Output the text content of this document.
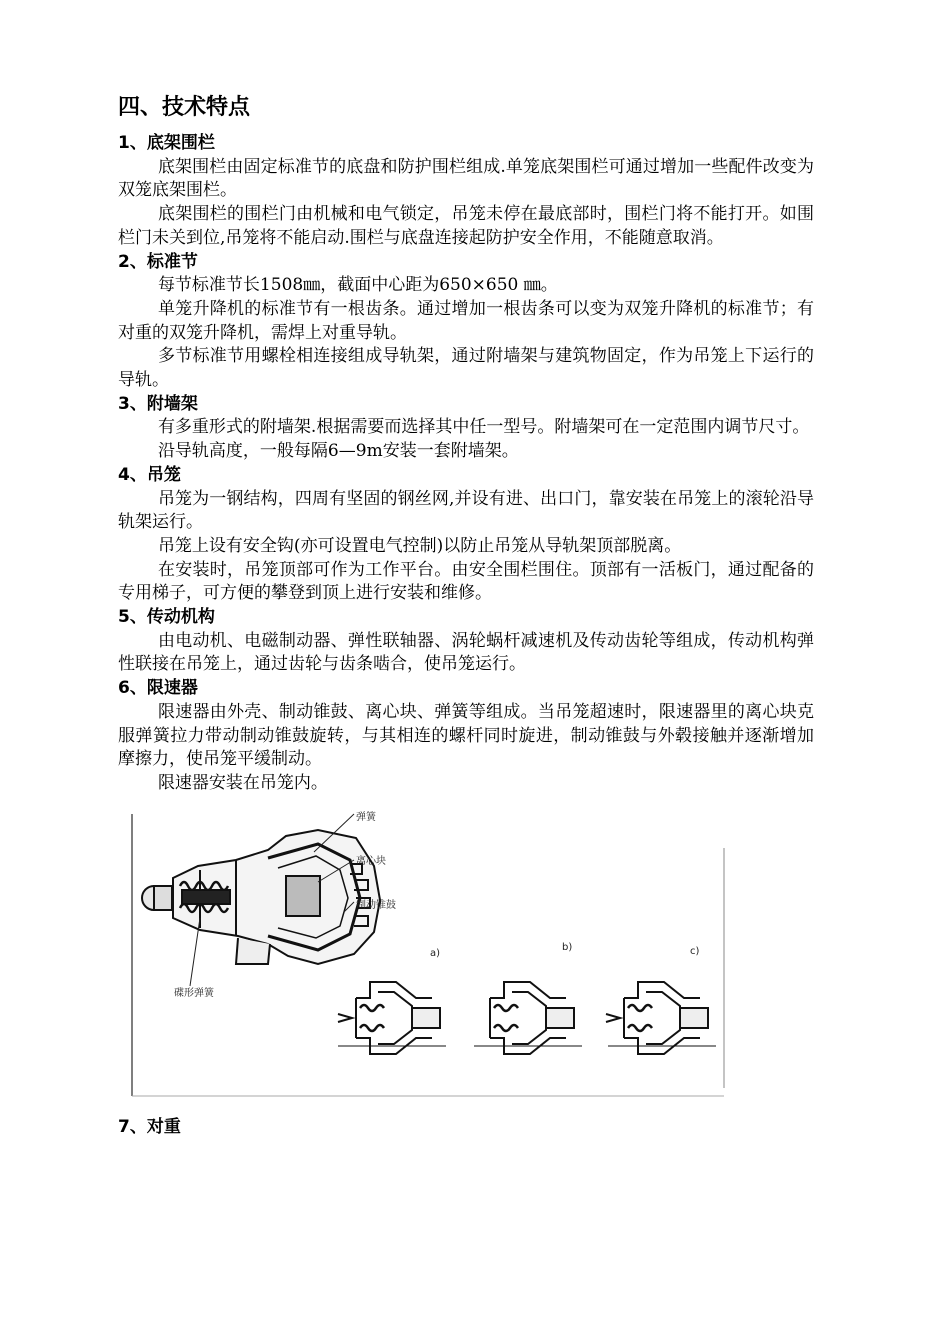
四、技术特点
1、底架围栏

底架围栏由固定标准节的底盘和防护围栏组成.单笼底架围栏可通过增加一些配件改变为双笼底架围栏。

底架围栏的围栏门由机械和电气锁定，吊笼未停在最底部时，围栏门将不能打开。如围栏门未关到位,吊笼将不能启动.围栏与底盘连接起防护安全作用，不能随意取消。

2、标准节

每节标准节长1508㎜，截面中心距为650×650 ㎜。

单笼升降机的标准节有一根齿条。通过增加一根齿条可以变为双笼升降机的标准节；有对重的双笼升降机，需焊上对重导轨。

多节标准节用螺栓相连接组成导轨架，通过附墙架与建筑物固定，作为吊笼上下运行的导轨。

3、附墙架

有多重形式的附墙架.根据需要而选择其中任一型号。附墙架可在一定范围内调节尺寸。

沿导轨高度，一般每隔6—9m安装一套附墙架。

4、吊笼

吊笼为一钢结构，四周有坚固的钢丝网,并设有进、出口门，靠安装在吊笼上的滚轮沿导轨架运行。

吊笼上设有安全钩(亦可设置电气控制)以防止吊笼从导轨架顶部脱离。

在安装时，吊笼顶部可作为工作平台。由安全围栏围住。顶部有一活板门，通过配备的专用梯子，可方便的攀登到顶上进行安装和维修。

5、传动机构

由电动机、电磁制动器、弹性联轴器、涡轮蜗杆减速机及传动齿轮等组成，传动机构弹性联接在吊笼上，通过齿轮与齿条啮合，使吊笼运行。

6、限速器

限速器由外壳、制动锥鼓、离心块、弹簧等组成。当吊笼超速时，限速器里的离心块克服弹簧拉力带动制动锥鼓旋转，与其相连的螺杆同时旋进，制动锥鼓与外毂接触并逐渐增加摩擦力，使吊笼平缓制动。

限速器安装在吊笼内。

弹簧
离心块
制动锥鼓
碟形弹簧
a)
b)	c)
7、对重
